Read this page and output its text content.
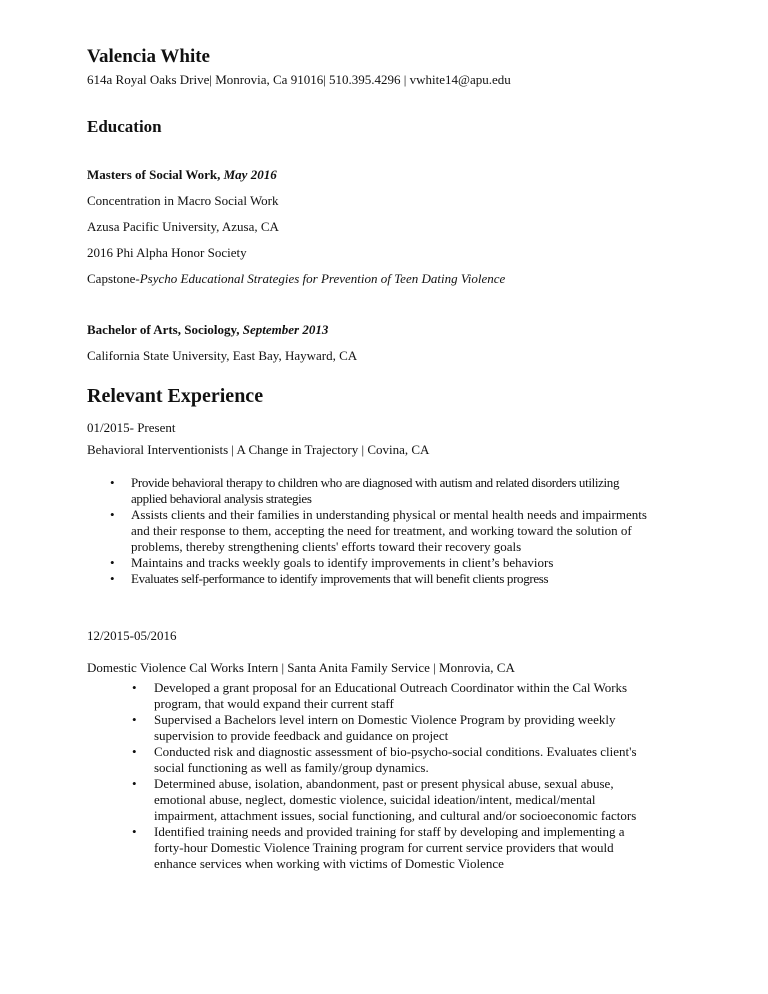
Valencia White
614a Royal Oaks Drive| Monrovia, Ca 91016| 510.395.4296 | vwhite14@apu.edu
Education
Masters of Social Work, May 2016
Concentration in Macro Social Work
Azusa Pacific University, Azusa, CA
2016 Phi Alpha Honor Society
Capstone-Psycho Educational Strategies for Prevention of Teen Dating Violence
Bachelor of Arts, Sociology, September 2013
California State University, East Bay, Hayward, CA
Relevant Experience
01/2015- Present
Behavioral Interventionists | A Change in Trajectory | Covina, CA
• Provide behavioral therapy to children who are diagnosed with autism and related disorders utilizing
applied behavioral analysis strategies
• Assists clients and their families in understanding physical or mental health needs and impairments
and their response to them, accepting the need for treatment, and working toward the solution of
problems, thereby strengthening clients' efforts toward their recovery goals
• Maintains and tracks weekly goals to identify improvements in client’s behaviors
• Evaluates self-performance to identify improvements that will benefit clients progress
12/2015-05/2016
Domestic Violence Cal Works Intern | Santa Anita Family Service | Monrovia, CA
• Developed a grant proposal for an Educational Outreach Coordinator within the Cal Works
program, that would expand their current staff
• Supervised a Bachelors level intern on Domestic Violence Program by providing weekly
supervision to provide feedback and guidance on project
• Conducted risk and diagnostic assessment of bio-psycho-social conditions. Evaluates client's
social functioning as well as family/group dynamics.
• Determined abuse, isolation, abandonment, past or present physical abuse, sexual abuse,
emotional abuse, neglect, domestic violence, suicidal ideation/intent, medical/mental
impairment, attachment issues, social functioning, and cultural and/or socioeconomic factors
• Identified training needs and provided training for staff by developing and implementing a
forty-hour Domestic Violence Training program for current service providers that would
enhance services when working with victims of Domestic Violence
